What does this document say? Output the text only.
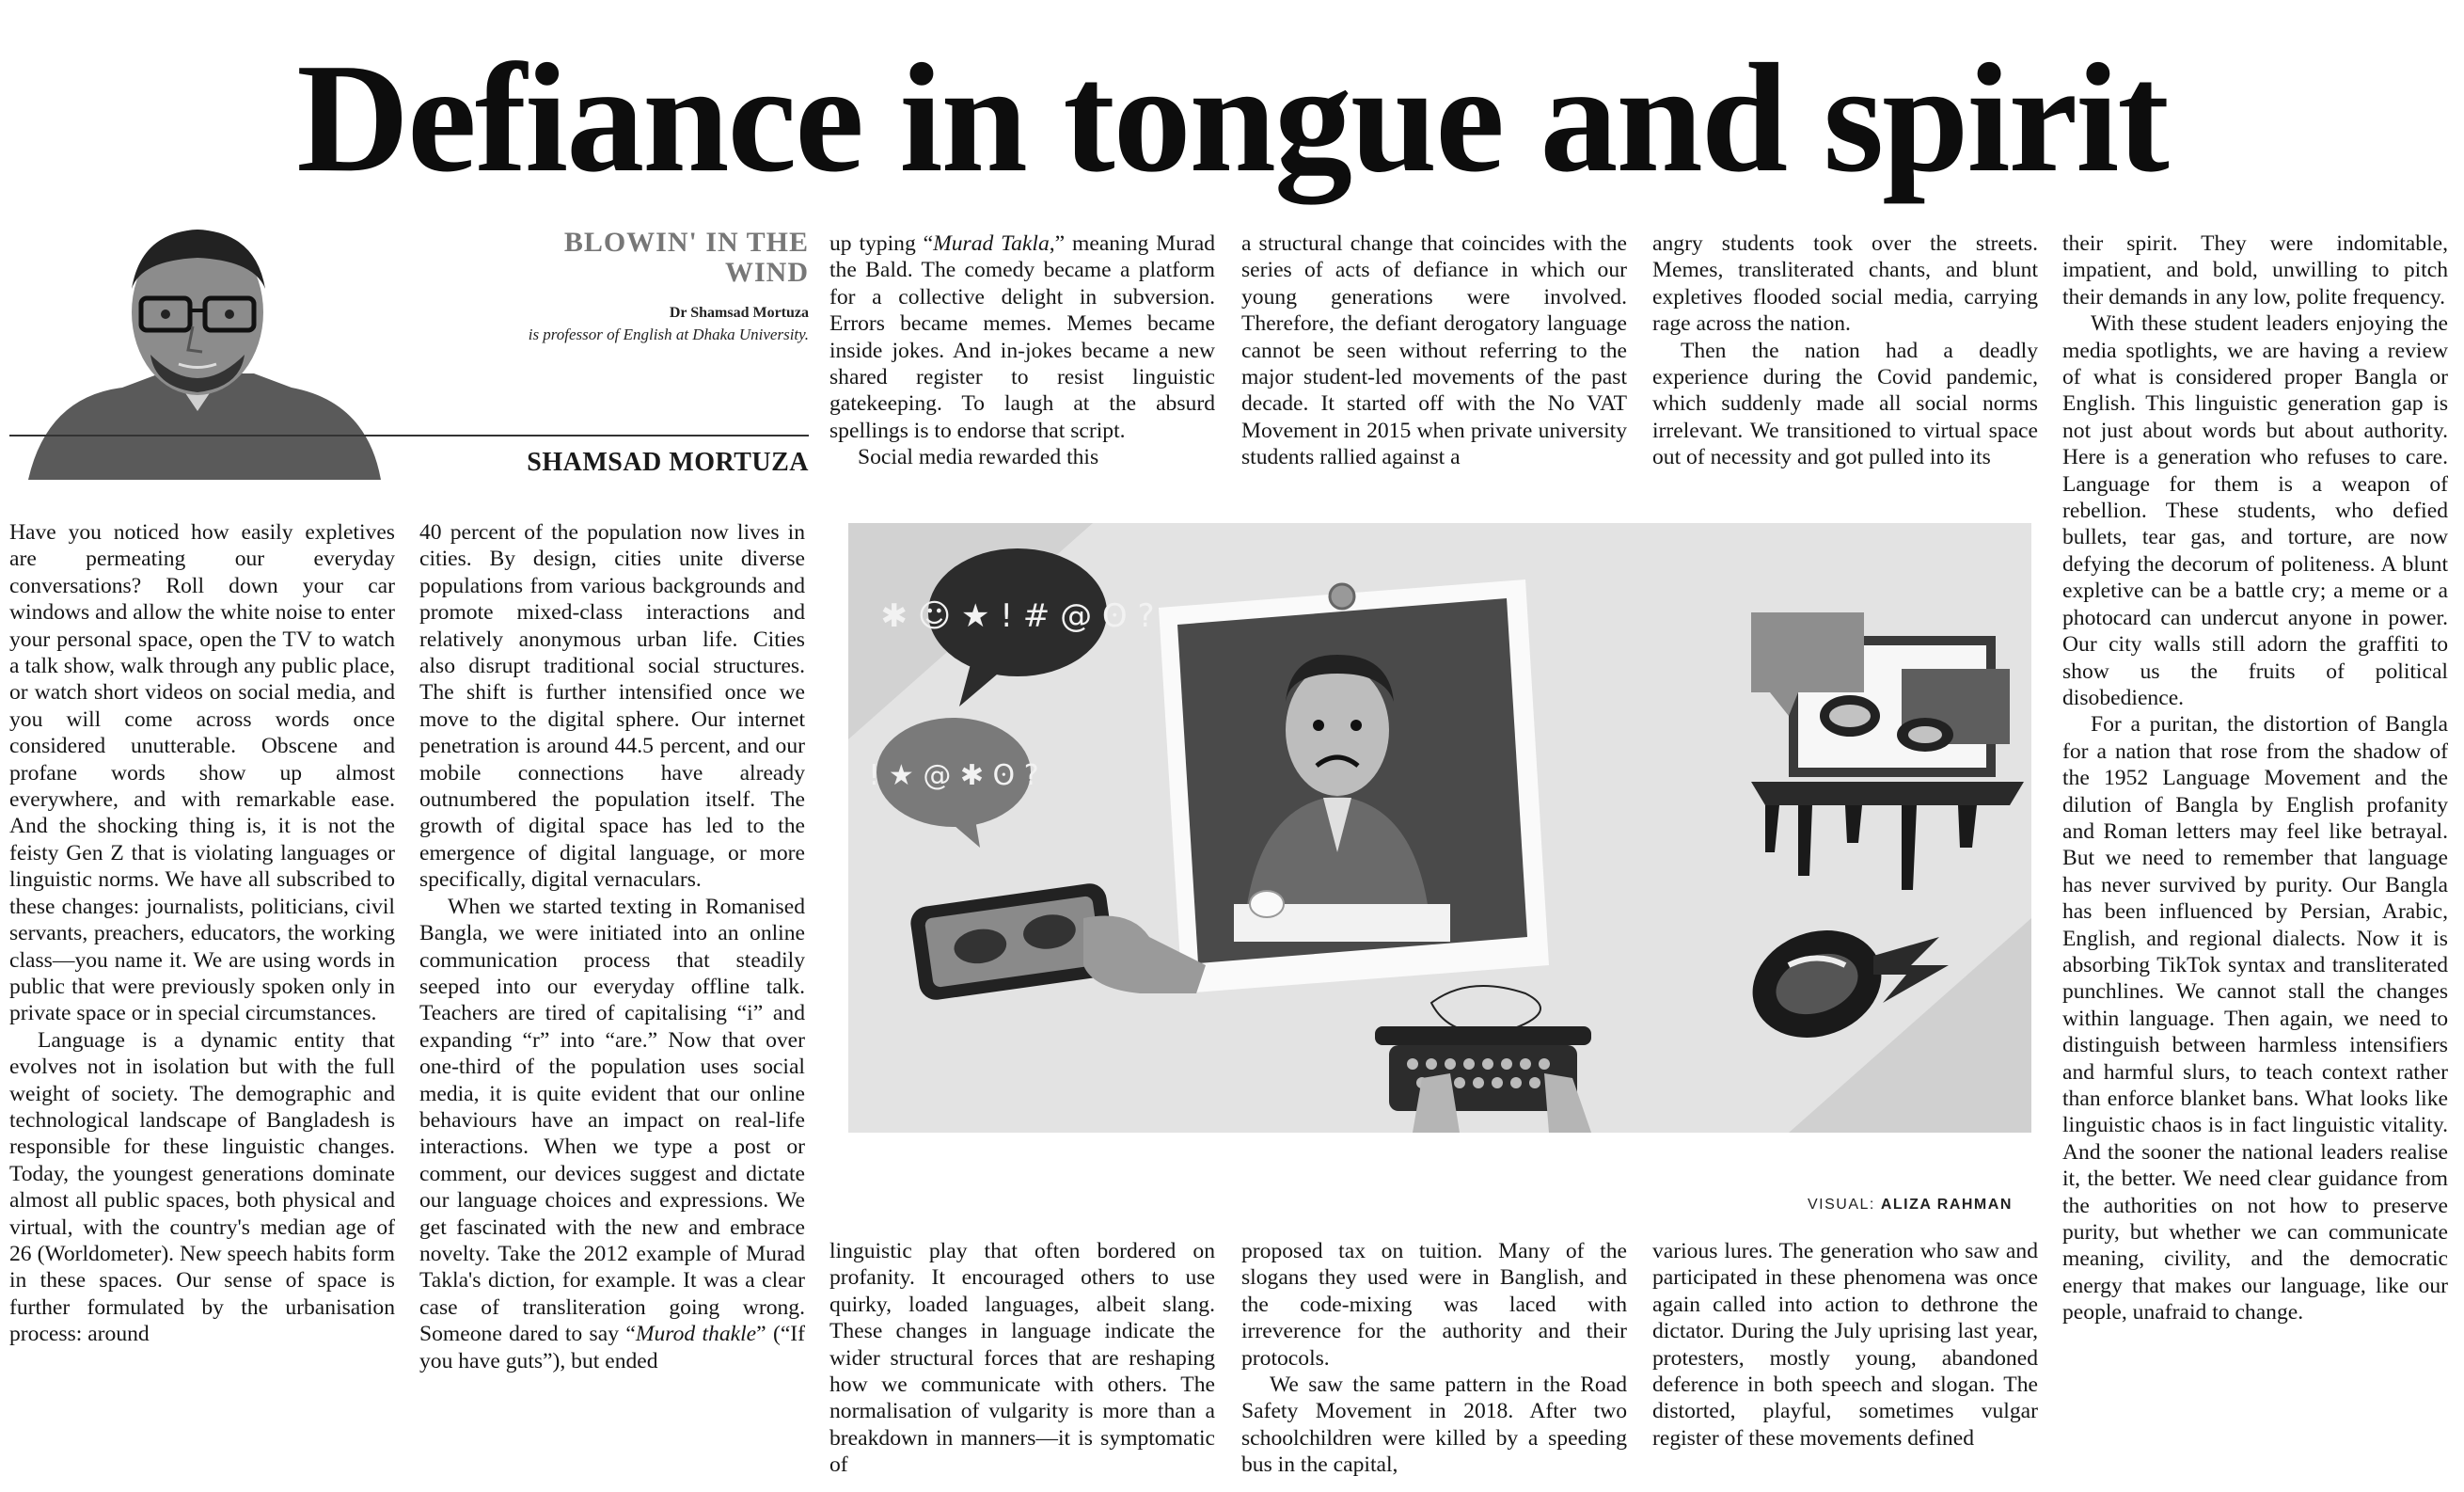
Defiance in tongue and spirit
BLOWIN' IN THE WIND
Dr Shamsad Mortuza
is professor of English at Dhaka University.
SHAMSAD MORTUZA

Have you noticed how easily expletives are permeating our everyday conversations? Roll down your car windows and allow the white noise to enter your personal space, open the TV to watch a talk show, walk through any public place, or watch short videos on social media, and you will come across words once considered unutterable. Obscene and profane words show up almost everywhere, and with remarkable ease. And the shocking thing is, it is not the feisty Gen Z that is violating languages or linguistic norms. We have all subscribed to these changes: journalists, politicians, civil servants, preachers, educators, the working class—you name it. We are using words in public that were previously spoken only in private space or in special circumstances.

Language is a dynamic entity that evolves not in isolation but with the full weight of society. The demographic and technological landscape of Bangladesh is responsible for these linguistic changes. Today, the youngest generations dominate almost all public spaces, both physical and virtual, with the country's median age of 26 (Worldometer). New speech habits form in these spaces. Our sense of space is further formulated by the urbanisation process: around

40 percent of the population now lives in cities. By design, cities unite diverse populations from various backgrounds and promote mixed-class interactions and relatively anonymous urban life. Cities also disrupt traditional social structures. The shift is further intensified once we move to the digital sphere. Our internet penetration is around 44.5 percent, and our mobile connections have already outnumbered the population itself. The growth of digital space has led to the emergence of digital language, or more specifically, digital vernaculars.

When we started texting in Romanised Bangla, we were initiated into an online communication process that steadily seeped into our everyday offline talk. Teachers are tired of capitalising “i” and expanding “r” into “are.” Now that over one-third of the population uses social media, it is quite evident that our online behaviours have an impact on real-life interactions. When we type a post or comment, our devices suggest and dictate our language choices and expressions. We get fascinated with the new and embrace novelty. Take the 2012 example of Murad Takla's diction, for example. It was a clear case of transliteration going wrong. Someone dared to say “Murod thakle” (“If you have guts”), but ended

up typing “Murad Takla,” meaning Murad the Bald. The comedy became a platform for a collective delight in subversion. Errors became memes. Memes became inside jokes. And in-jokes became a new shared register to resist linguistic gatekeeping. To laugh at the absurd spellings is to endorse that script.

Social media rewarded this

a structural change that coincides with the series of acts of defiance in which our young generations were involved. Therefore, the defiant derogatory language cannot be seen without referring to the major student-led movements of the past decade. It started off with the No VAT Movement in 2015 when private university students rallied against a

angry students took over the streets. Memes, transliterated chants, and blunt expletives flooded social media, carrying rage across the nation.

Then the nation had a deadly experience during the Covid pandemic, which suddenly made all social norms irrelevant. We transitioned to virtual space out of necessity and got pulled into its

their spirit. They were indomitable, impatient, and bold, unwilling to pitch their demands in any low, polite frequency.

With these student leaders enjoying the media spotlights, we are having a review of what is considered proper Bangla or English. This linguistic generation gap is not just about words but about authority. Here is a generation who refuses to care. Language for them is a weapon of rebellion. These students, who defied bullets, tear gas, and torture, are now defying the decorum of politeness. A blunt expletive can be a battle cry; a meme or a photocard can undercut anyone in power. Our city walls still adorn the graffiti to show us the fruits of political disobedience.

For a puritan, the distortion of Bangla for a nation that rose from the shadow of the 1952 Language Movement and the dilution of Bangla by English profanity and Roman letters may feel like betrayal. But we need to remember that language has never survived by purity. Our Bangla has been influenced by Persian, Arabic, English, and regional dialects. Now it is absorbing TikTok syntax and transliterated punchlines. We cannot stall the changes within language. Then again, we need to distinguish between harmless intensifiers and harmful slurs, to teach context rather than enforce blanket bans. What looks like linguistic chaos is in fact linguistic vitality. And the sooner the national leaders realise it, the better. We need clear guidance from the authorities on not how to preserve purity, but whether we can communicate meaning, civility, and the democratic energy that makes our language, like our people, unafraid to change.

✱ ☺ ★ ! # @ ʘ ?
! ★ @ ✱ ʘ ?

linguistic play that often bordered on profanity. It encouraged others to use quirky, loaded languages, albeit slang. These changes in language indicate the wider structural forces that are reshaping how we communicate with others. The normalisation of vulgarity is more than a breakdown in manners—it is symptomatic of

proposed tax on tuition. Many of the slogans they used were in Banglish, and the code-mixing was laced with irreverence for the authority and their protocols.

We saw the same pattern in the Road Safety Movement in 2018. After two schoolchildren were killed by a speeding bus in the capital,

various lures. The generation who saw and participated in these phenomena was once again called into action to dethrone the dictator. During the July uprising last year, protesters, mostly young, abandoned deference in both speech and slogan. The distorted, playful, sometimes vulgar register of these movements defined

VISUAL: ALIZA RAHMAN
